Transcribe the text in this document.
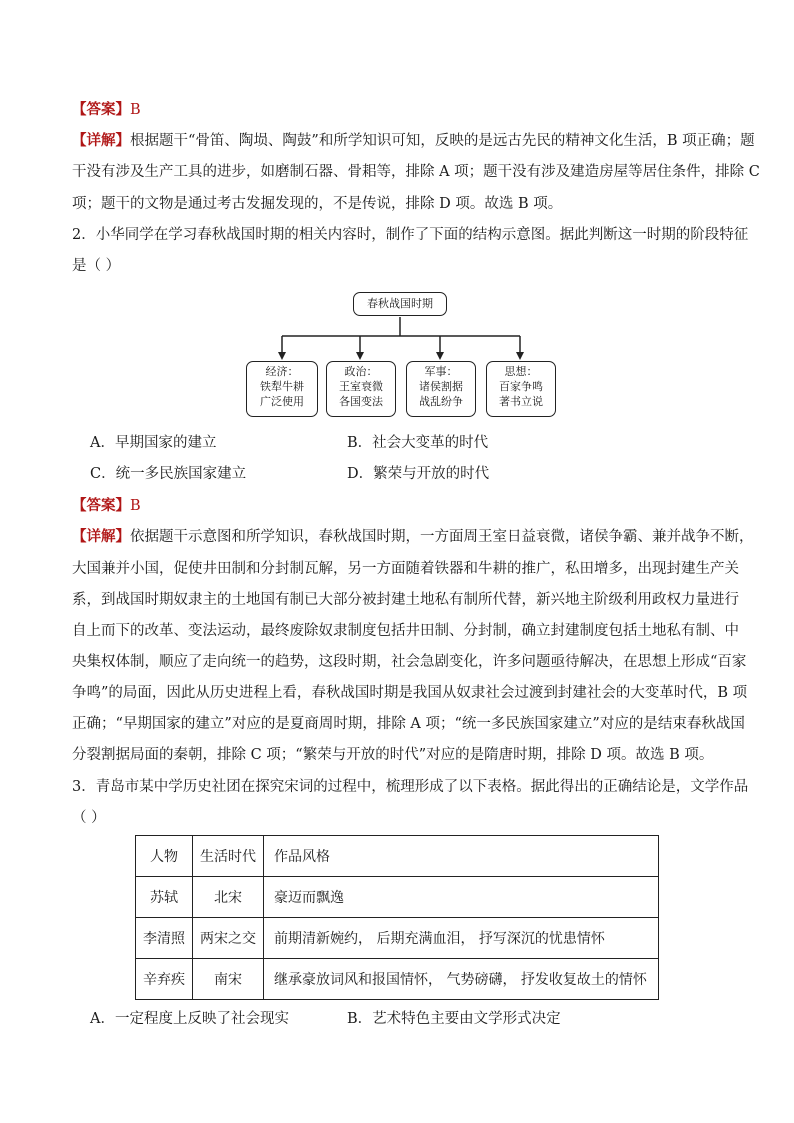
【答案】B
【详解】根据题干“骨笛、陶埙、陶鼓”和所学知识可知，反映的是远古先民的精神文化生活，B 项正确；题
干没有涉及生产工具的进步，如磨制石器、骨耜等，排除 A 项；题干没有涉及建造房屋等居住条件，排除 C
项；题干的文物是通过考古发掘发现的，不是传说，排除 D 项。故选 B 项。
2．小华同学在学习春秋战国时期的相关内容时，制作了下面的结构示意图。据此判断这一时期的阶段特征
是（ ）
春秋战国时期
经济：
铁犁牛耕
广泛使用
政治：
王室衰微
各国变法
军事：
诸侯割据
战乱纷争
思想：
百家争鸣
著书立说
A．早期国家的建立	B．社会大变革的时代
C．统一多民族国家建立	D．繁荣与开放的时代
【答案】B
【详解】依据题干示意图和所学知识，春秋战国时期，一方面周王室日益衰微，诸侯争霸、兼并战争不断，
大国兼并小国，促使井田制和分封制瓦解，另一方面随着铁器和牛耕的推广，私田增多，出现封建生产关
系，到战国时期奴隶主的土地国有制已大部分被封建土地私有制所代替，新兴地主阶级利用政权力量进行
自上而下的改革、变法运动，最终废除奴隶制度包括井田制、分封制，确立封建制度包括土地私有制、中
央集权体制，顺应了走向统一的趋势，这段时期，社会急剧变化，许多问题亟待解决，在思想上形成“百家
争鸣”的局面，因此从历史进程上看，春秋战国时期是我国从奴隶社会过渡到封建社会的大变革时代，B 项
正确；“早期国家的建立”对应的是夏商周时期，排除 A 项；“统一多民族国家建立”对应的是结束春秋战国
分裂割据局面的秦朝，排除 C 项；“繁荣与开放的时代”对应的是隋唐时期，排除 D 项。故选 B 项。
3．青岛市某中学历史社团在探究宋词的过程中，梳理形成了以下表格。据此得出的正确结论是，文学作品
（ ）
人物	生活时代	作品风格
苏轼	北宋	豪迈而飘逸
李清照	两宋之交	前期清新婉约， 后期充满血泪， 抒写深沉的忧患情怀
辛弃疾	南宋	继承豪放词风和报国情怀， 气势磅礴， 抒发收复故土的情怀
A．一定程度上反映了社会现实	B．艺术特色主要由文学形式决定
